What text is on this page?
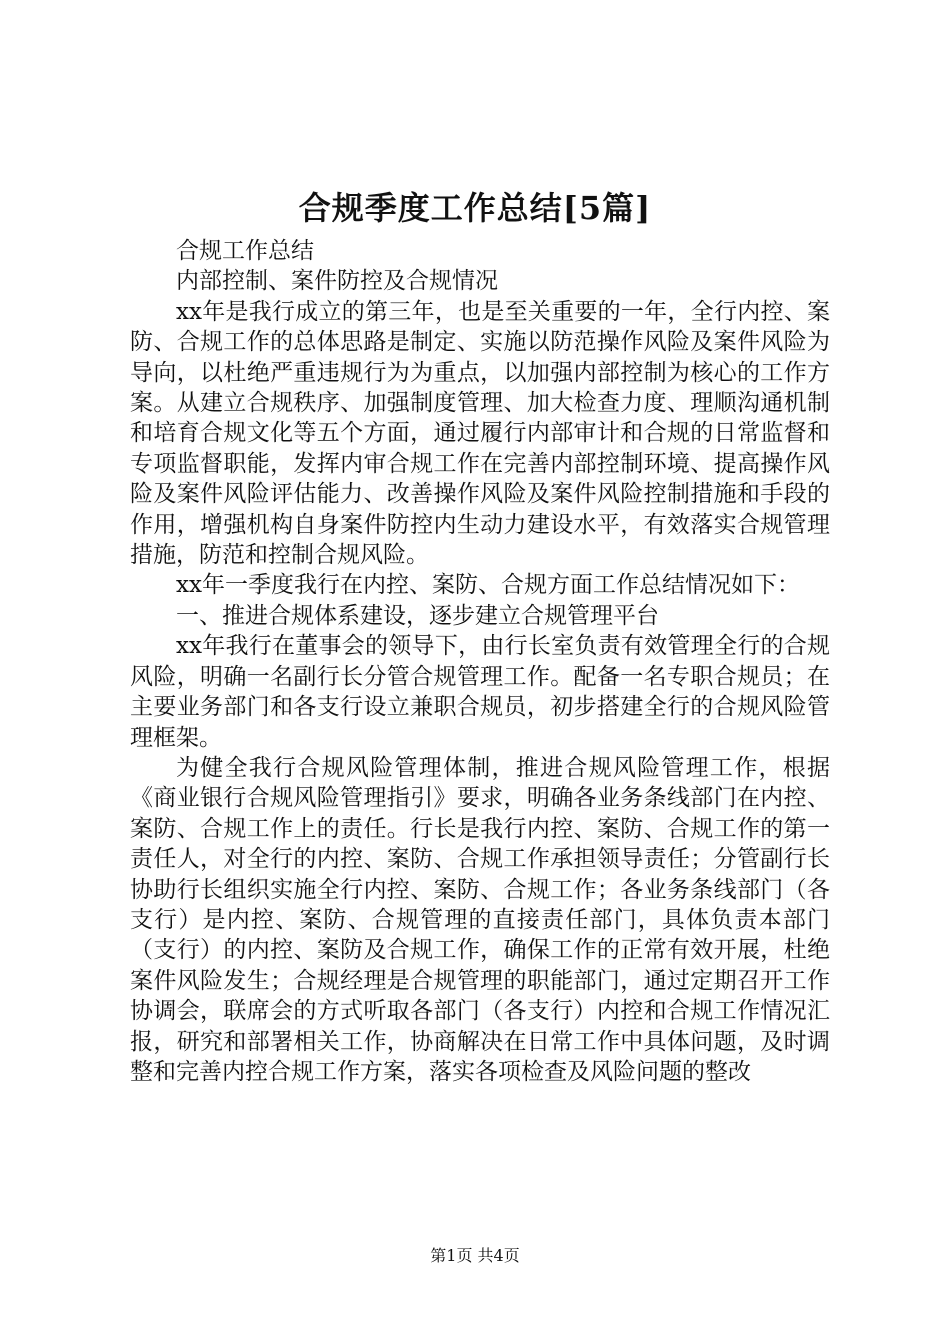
合规季度工作总结[5篇]

合规工作总结

内部控制、案件防控及合规情况

xx年是我行成立的第三年，也是至关重要的一年，全行内控、案防、合规工作的总体思路是制定、实施以防范操作风险及案件风险为导向，以杜绝严重违规行为为重点，以加强内部控制为核心的工作方案。从建立合规秩序、加强制度管理、加大检查力度、理顺沟通机制和培育合规文化等五个方面，通过履行内部审计和合规的日常监督和专项监督职能，发挥内审合规工作在完善内部控制环境、提高操作风险及案件风险评估能力、改善操作风险及案件风险控制措施和手段的作用，增强机构自身案件防控内生动力建设水平，有效落实合规管理措施，防范和控制合规风险。

xx年一季度我行在内控、案防、合规方面工作总结情况如下：

一、推进合规体系建设，逐步建立合规管理平台

xx年我行在董事会的领导下，由行长室负责有效管理全行的合规风险，明确一名副行长分管合规管理工作。配备一名专职合规员；在主要业务部门和各支行设立兼职合规员，初步搭建全行的合规风险管理框架。

为健全我行合规风险管理体制，推进合规风险管理工作，根据《商业银行合规风险管理指引》要求，明确各业务条线部门在内控、案防、合规工作上的责任。行长是我行内控、案防、合规工作的第一责任人，对全行的内控、案防、合规工作承担领导责任；分管副行长协助行长组织实施全行内控、案防、合规工作；各业务条线部门（各支行）是内控、案防、合规管理的直接责任部门，具体负责本部门（支行）的内控、案防及合规工作，确保工作的正常有效开展，杜绝案件风险发生；合规经理是合规管理的职能部门，通过定期召开工作协调会，联席会的方式听取各部门（各支行）内控和合规工作情况汇报，研究和部署相关工作，协商解决在日常工作中具体问题，及时调整和完善内控合规工作方案，落实各项检查及风险问题的整改

第1页 共4页
